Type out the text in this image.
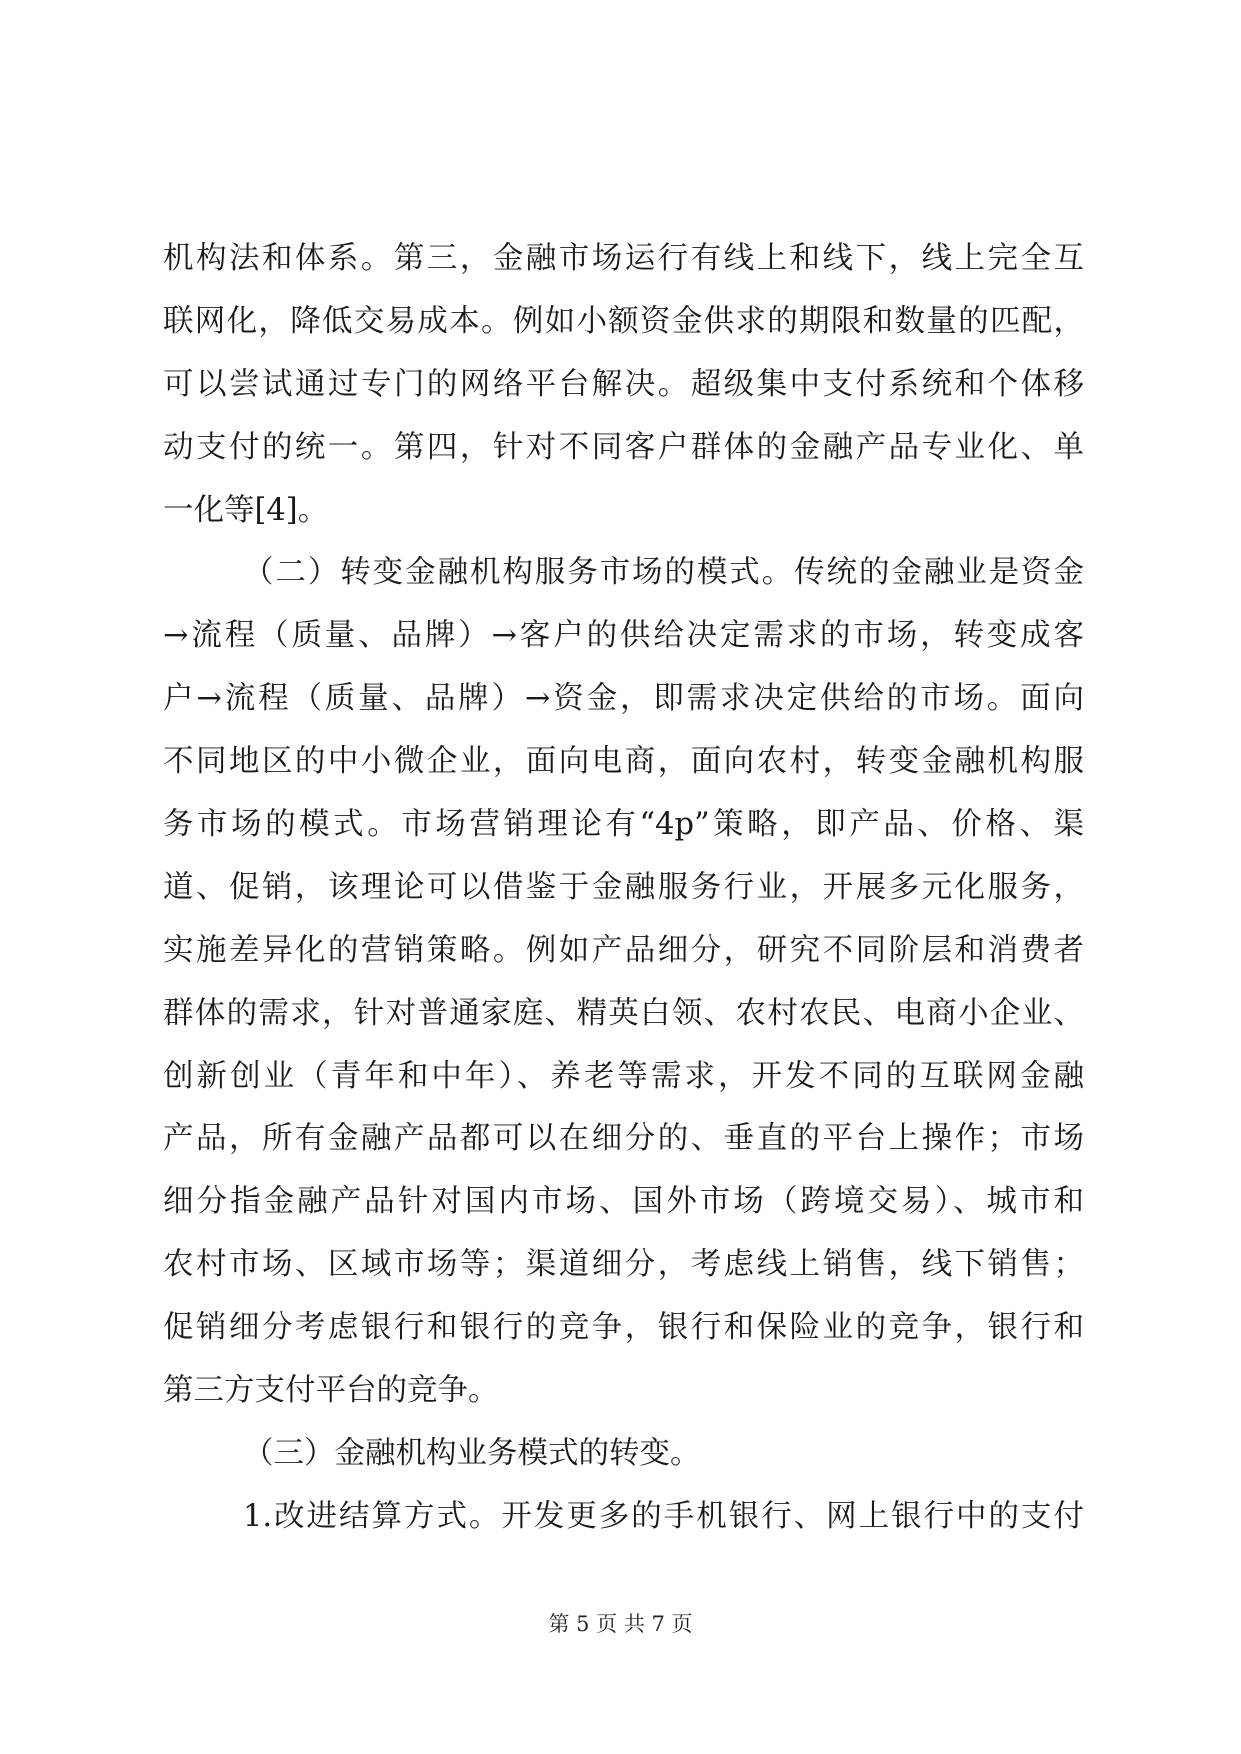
机构法和体系。第三，金融市场运行有线上和线下，线上完全互
联网化，降低交易成本。例如小额资金供求的期限和数量的匹配，
可以尝试通过专门的网络平台解决。超级集中支付系统和个体移
动支付的统一。第四，针对不同客户群体的金融产品专业化、单
一化等[4]。
（二）转变金融机构服务市场的模式。传统的金融业是资金
→流程（质量、品牌）→客户的供给决定需求的市场，转变成客
户→流程（质量、品牌）→资金，即需求决定供给的市场。面向
不同地区的中小微企业，面向电商，面向农村，转变金融机构服
务市场的模式。市场营销理论有“4p”策略，即产品、价格、渠
道、促销，该理论可以借鉴于金融服务行业，开展多元化服务，
实施差异化的营销策略。例如产品细分，研究不同阶层和消费者
群体的需求，针对普通家庭、精英白领、农村农民、电商小企业、
创新创业（青年和中年）、养老等需求，开发不同的互联网金融
产品，所有金融产品都可以在细分的、垂直的平台上操作；市场
细分指金融产品针对国内市场、国外市场（跨境交易）、城市和
农村市场、区域市场等；渠道细分，考虑线上销售，线下销售；
促销细分考虑银行和银行的竞争，银行和保险业的竞争，银行和
第三方支付平台的竞争。
（三）金融机构业务模式的转变。
1.改进结算方式。开发更多的手机银行、网上银行中的支付
第 5 页 共 7 页
